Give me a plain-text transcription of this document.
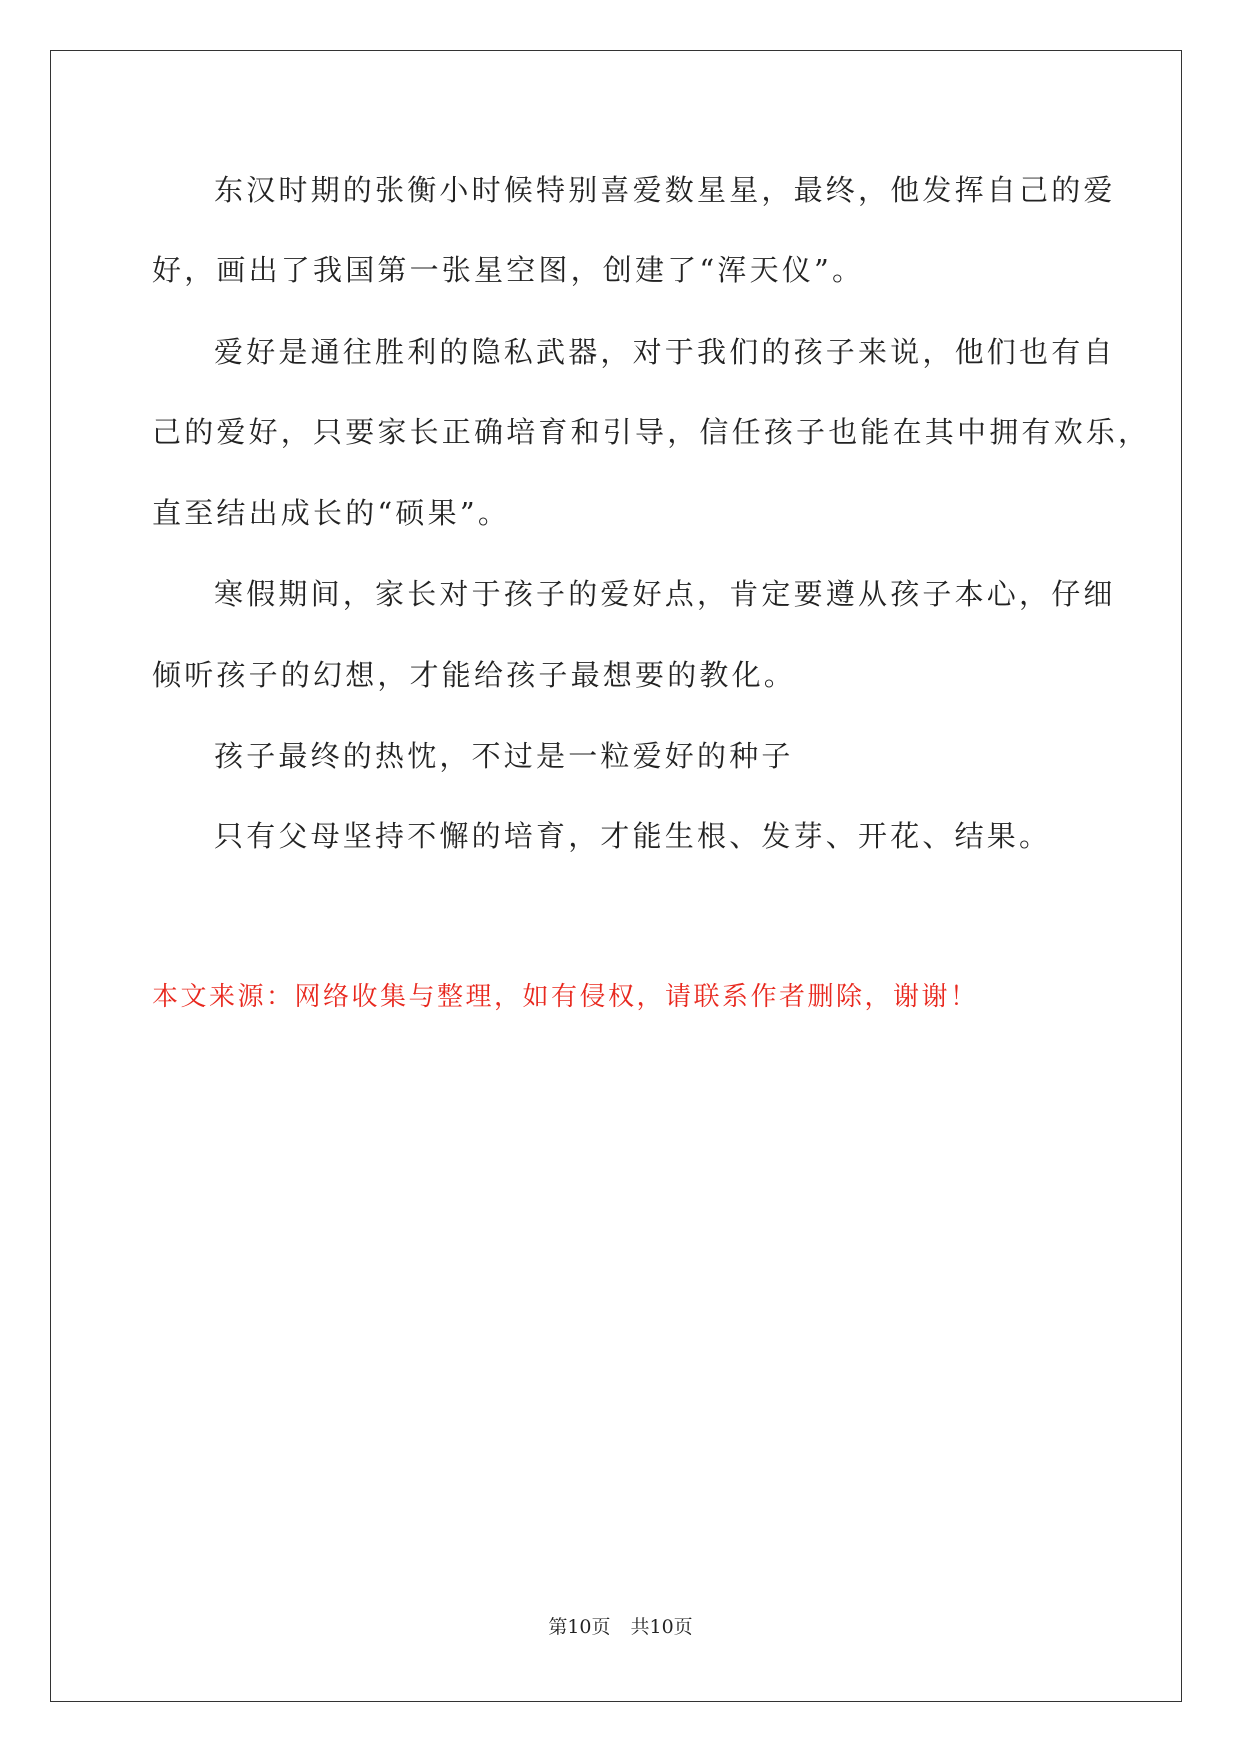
东汉时期的张衡小时候特别喜爱数星星，最终，他发挥自己的爱
好，画出了我国第一张星空图，创建了“浑天仪”。
爱好是通往胜利的隐私武器，对于我们的孩子来说，他们也有自
己的爱好，只要家长正确培育和引导，信任孩子也能在其中拥有欢乐，
直至结出成长的“硕果”。
寒假期间，家长对于孩子的爱好点，肯定要遵从孩子本心，仔细
倾听孩子的幻想，才能给孩子最想要的教化。
孩子最终的热忱，不过是一粒爱好的种子
只有父母坚持不懈的培育，才能生根、发芽、开花、结果。
本文来源：网络收集与整理，如有侵权，请联系作者删除，谢谢！
第10页 共10页
